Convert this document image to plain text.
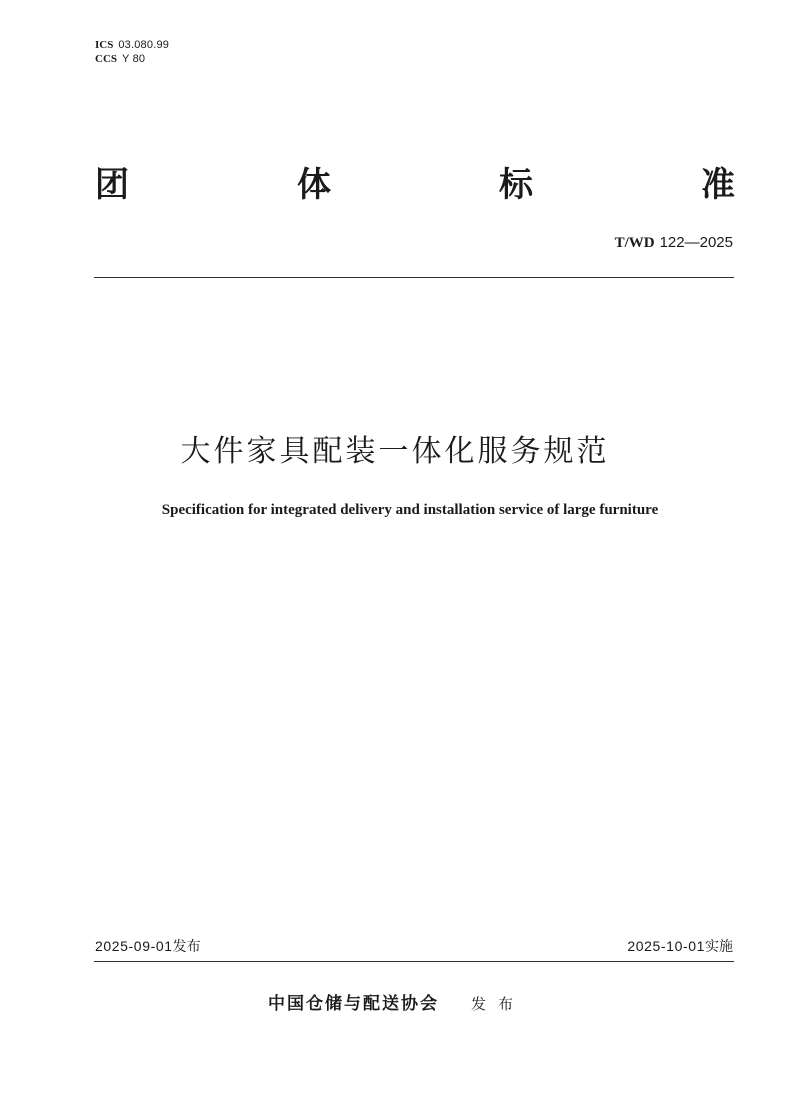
ICS 03.080.99
CCS Y 80
团	体	标	准
T/WD 122—2025
大件家具配装一体化服务规范
Specification for integrated delivery and installation service of large furniture
2025-09-01发布	2025-10-01实施
中国仓储与配送协会 发布
